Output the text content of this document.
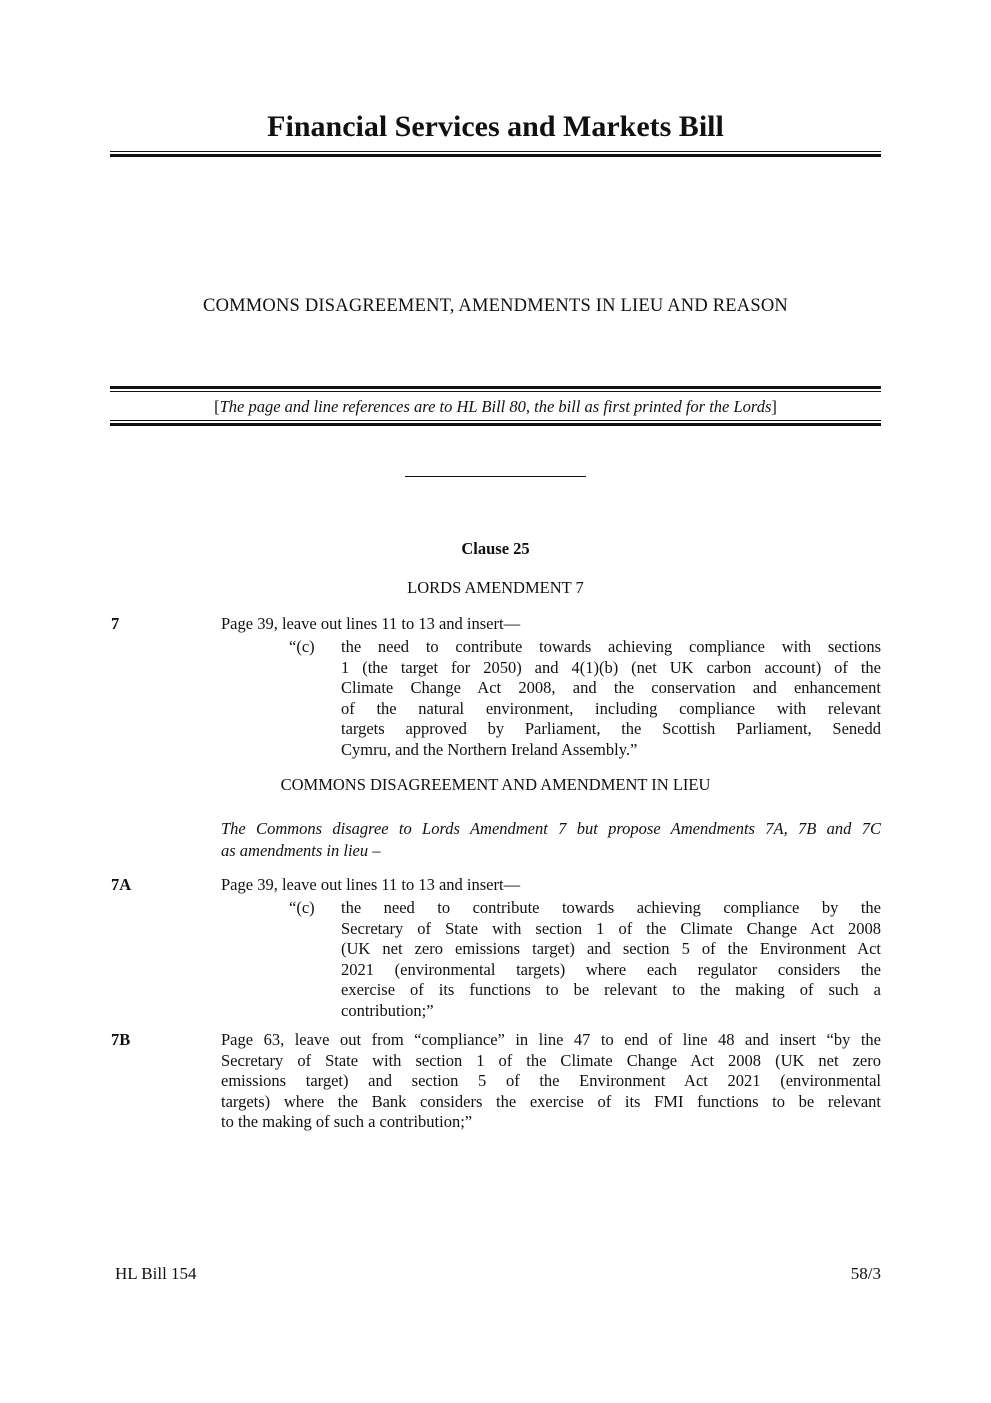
Financial Services and Markets Bill
COMMONS DISAGREEMENT, AMENDMENTS IN LIEU AND REASON
[The page and line references are to HL Bill 80, the bill as first printed for the Lords]
Clause 25
LORDS AMENDMENT 7
7	Page 39, leave out lines 11 to 13 and insert—
“(c) the need to contribute towards achieving compliance with sections
1 (the target for 2050) and 4(1)(b) (net UK carbon account) of the
Climate Change Act 2008, and the conservation and enhancement
of the natural environment, including compliance with relevant
targets approved by Parliament, the Scottish Parliament, Senedd
Cymru, and the Northern Ireland Assembly.”
COMMONS DISAGREEMENT AND AMENDMENT IN LIEU
The Commons disagree to Lords Amendment 7 but propose Amendments 7A, 7B and 7C
as amendments in lieu –
7A	Page 39, leave out lines 11 to 13 and insert—
“(c) the need to contribute towards achieving compliance by the
Secretary of State with section 1 of the Climate Change Act 2008
(UK net zero emissions target) and section 5 of the Environment Act
2021 (environmental targets) where each regulator considers the
exercise of its functions to be relevant to the making of such a
contribution;”
7B	Page 63, leave out from “compliance” in line 47 to end of line 48 and insert “by the
Secretary of State with section 1 of the Climate Change Act 2008 (UK net zero
emissions target) and section 5 of the Environment Act 2021 (environmental
targets) where the Bank considers the exercise of its FMI functions to be relevant
to the making of such a contribution;”
HL Bill 154	58/3
